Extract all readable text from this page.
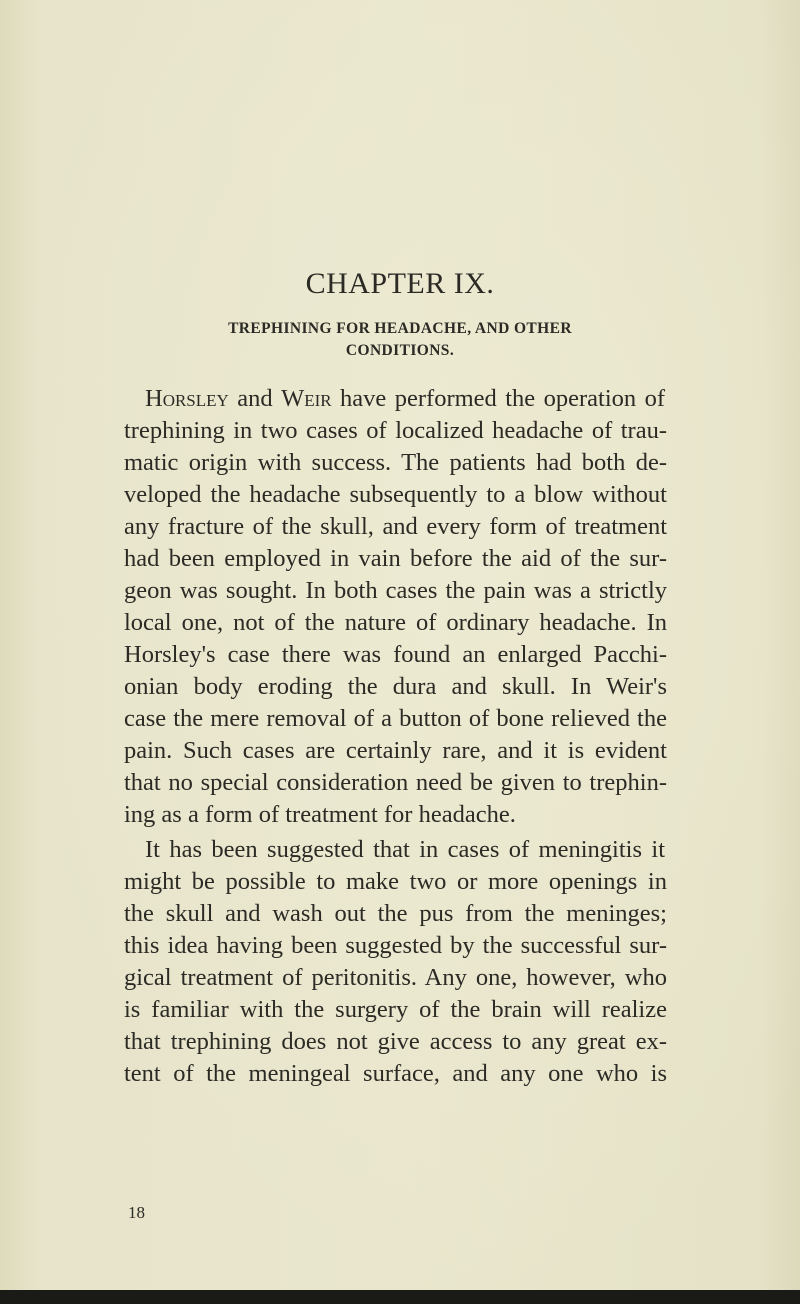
CHAPTER IX.
TREPHINING FOR HEADACHE, AND OTHER
CONDITIONS.
Horsley and Weir have performed the operation of
trephining in two cases of localized headache of trau-
matic origin with success. The patients had both de-
veloped the headache subsequently to a blow without
any fracture of the skull, and every form of treatment
had been employed in vain before the aid of the sur-
geon was sought. In both cases the pain was a strictly
local one, not of the nature of ordinary headache. In
Horsley's case there was found an enlarged Pacchi-
onian body eroding the dura and skull. In Weir's
case the mere removal of a button of bone relieved the
pain. Such cases are certainly rare, and it is evident
that no special consideration need be given to trephin-
ing as a form of treatment for headache.
It has been suggested that in cases of meningitis it
might be possible to make two or more openings in
the skull and wash out the pus from the meninges;
this idea having been suggested by the successful sur-
gical treatment of peritonitis. Any one, however, who
is familiar with the surgery of the brain will realize
that trephining does not give access to any great ex-
tent of the meningeal surface, and any one who is
18
